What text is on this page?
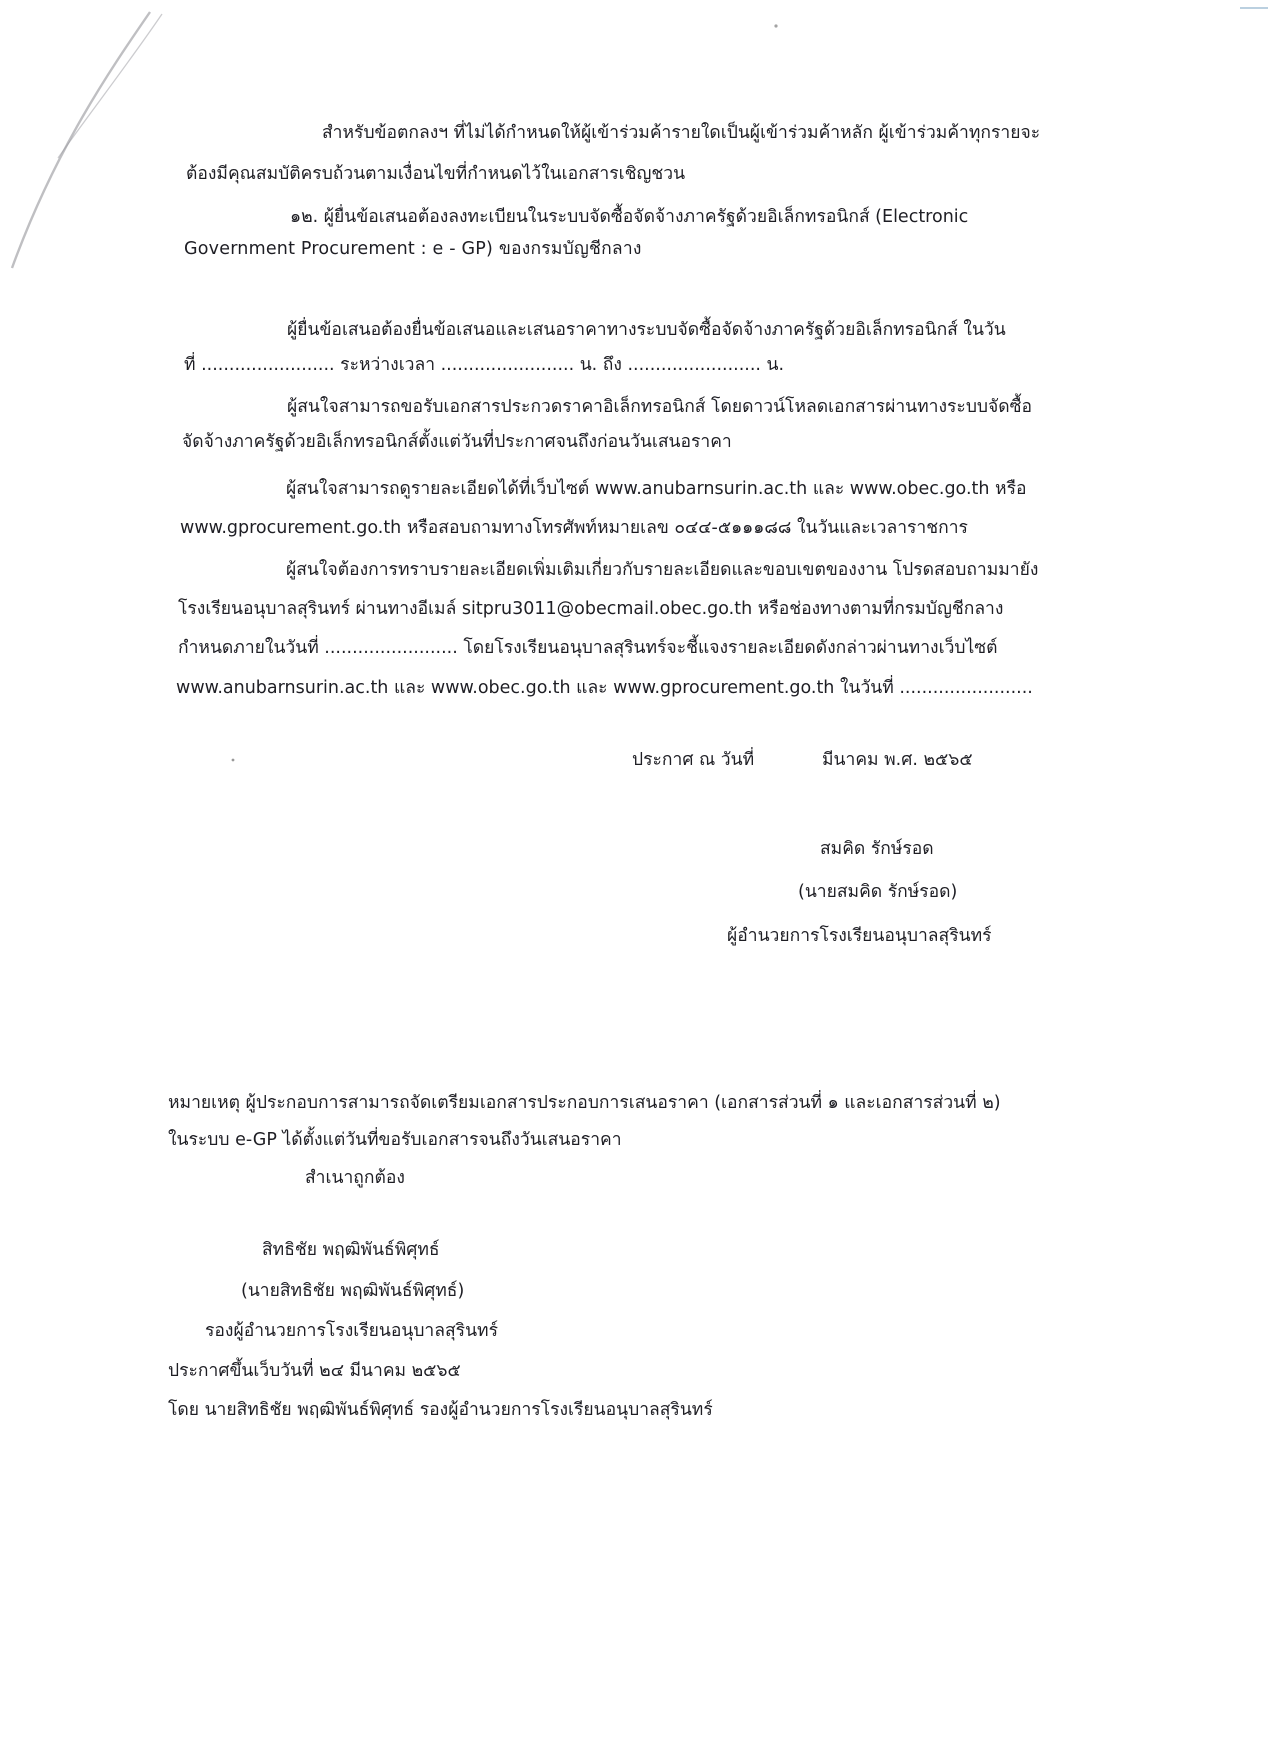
สำหรับข้อตกลงฯ ที่ไม่ได้กำหนดให้ผู้เข้าร่วมค้ารายใดเป็นผู้เข้าร่วมค้าหลัก ผู้เข้าร่วมค้าทุกรายจะ
ต้องมีคุณสมบัติครบถ้วนตามเงื่อนไขที่กำหนดไว้ในเอกสารเชิญชวน
๑๒. ผู้ยื่นข้อเสนอต้องลงทะเบียนในระบบจัดซื้อจัดจ้างภาครัฐด้วยอิเล็กทรอนิกส์ (Electronic
Government Procurement : e - GP) ของกรมบัญชีกลาง
ผู้ยื่นข้อเสนอต้องยื่นข้อเสนอและเสนอราคาทางระบบจัดซื้อจัดจ้างภาครัฐด้วยอิเล็กทรอนิกส์ ในวัน
ที่ ........................ ระหว่างเวลา ........................ น. ถึง ........................ น.
ผู้สนใจสามารถขอรับเอกสารประกวดราคาอิเล็กทรอนิกส์ โดยดาวน์โหลดเอกสารผ่านทางระบบจัดซื้อ
จัดจ้างภาครัฐด้วยอิเล็กทรอนิกส์ตั้งแต่วันที่ประกาศจนถึงก่อนวันเสนอราคา
ผู้สนใจสามารถดูรายละเอียดได้ที่เว็บไซต์ www.anubarnsurin.ac.th และ www.obec.go.th หรือ
www.gprocurement.go.th หรือสอบถามทางโทรศัพท์หมายเลข ๐๔๔-๕๑๑๑๘๘ ในวันและเวลาราชการ
ผู้สนใจต้องการทราบรายละเอียดเพิ่มเติมเกี่ยวกับรายละเอียดและขอบเขตของงาน โปรดสอบถามมายัง
โรงเรียนอนุบาลสุรินทร์ ผ่านทางอีเมล์ sitpru3011@obecmail.obec.go.th หรือช่องทางตามที่กรมบัญชีกลาง
กำหนดภายในวันที่ ........................ โดยโรงเรียนอนุบาลสุรินทร์จะชี้แจงรายละเอียดดังกล่าวผ่านทางเว็บไซต์
www.anubarnsurin.ac.th และ www.obec.go.th และ www.gprocurement.go.th ในวันที่ ........................
ประกาศ ณ วันที่	มีนาคม พ.ศ. ๒๕๖๕
สมคิด รักษ์รอด
(นายสมคิด รักษ์รอด)
ผู้อำนวยการโรงเรียนอนุบาลสุรินทร์
หมายเหตุ ผู้ประกอบการสามารถจัดเตรียมเอกสารประกอบการเสนอราคา (เอกสารส่วนที่ ๑ และเอกสารส่วนที่ ๒)
ในระบบ e-GP ได้ตั้งแต่วันที่ขอรับเอกสารจนถึงวันเสนอราคา
สำเนาถูกต้อง
สิทธิชัย พฤฒิพันธ์พิศุทธ์
(นายสิทธิชัย พฤฒิพันธ์พิศุทธ์)
รองผู้อำนวยการโรงเรียนอนุบาลสุรินทร์
ประกาศขึ้นเว็บวันที่ ๒๔ มีนาคม ๒๕๖๕
โดย นายสิทธิชัย พฤฒิพันธ์พิศุทธ์ รองผู้อำนวยการโรงเรียนอนุบาลสุรินทร์
